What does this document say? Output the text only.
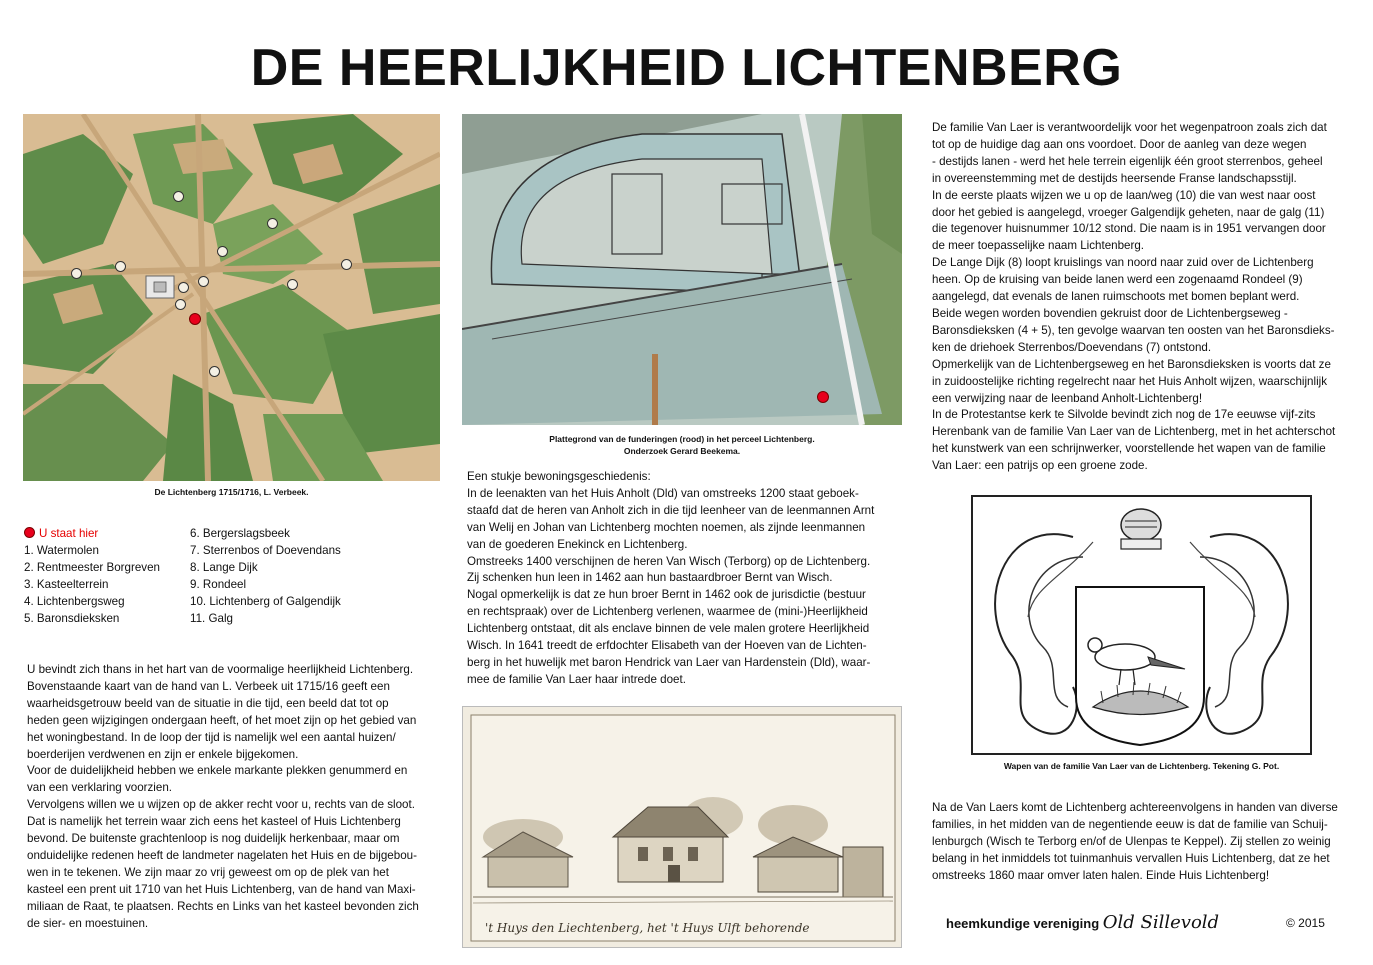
DE HEERLIJKHEID LICHTENBERG
De Lichtenberg 1715/1716, L. Verbeek.
Plattegrond van de funderingen (rood) in het perceel Lichtenberg.
Onderzoek Gerard Beekema.
U staat hier
1. Watermolen
2. Rentmeester Borgreven
3. Kasteelterrein
4. Lichtenbergsweg
5. Baronsdieksken
6. Bergerslagsbeek
7. Sterrenbos of Doevendans
8. Lange Dijk
9. Rondeel
10. Lichtenberg of Galgendijk
11. Galg

U bevindt zich thans in het hart van de voormalige heerlijkheid Lichtenberg.

Bovenstaande kaart van de hand van L. Verbeek uit 1715/16 geeft een

waarheidsgetrouw beeld van de situatie in die tijd, een beeld dat tot op

heden geen wijzigingen ondergaan heeft, of het moet zijn op het gebied van

het woningbestand. In de loop der tijd is namelijk wel een aantal huizen/

boerderijen verdwenen en zijn er enkele bijgekomen.

Voor de duidelijkheid hebben we enkele markante plekken genummerd en

van een verklaring voorzien.

Vervolgens willen we u wijzen op de akker recht voor u, rechts van de sloot.

Dat is namelijk het terrein waar zich eens het kasteel of Huis Lichtenberg

bevond. De buitenste grachtenloop is nog duidelijk herkenbaar, maar om

onduidelijke redenen heeft de landmeter nagelaten het Huis en de bijgebou-

wen in te tekenen. We zijn maar zo vrij geweest om op de plek van het

kasteel een prent uit 1710 van het Huis Lichtenberg, van de hand van Maxi-

miliaan de Raat, te plaatsen. Rechts en Links van het kasteel bevonden zich

de sier- en moestuinen.

Een stukje bewoningsgeschiedenis:

In de leenakten van het Huis Anholt (Dld) van omstreeks 1200 staat geboek-

staafd dat de heren van Anholt zich in die tijd leenheer van de leenmannen Arnt

van Welij en Johan van Lichtenberg mochten noemen, als zijnde leenmannen

van de goederen Enekinck en Lichtenberg.

Omstreeks 1400 verschijnen de heren Van Wisch (Terborg) op de Lichtenberg.

Zij schenken hun leen in 1462 aan hun bastaardbroer Bernt van Wisch.

Nogal opmerkelijk is dat ze hun broer Bernt in 1462 ook de jurisdictie (bestuur

en rechtspraak) over de Lichtenberg verlenen, waarmee de (mini-)Heerlijkheid

Lichtenberg ontstaat, dit als enclave binnen de vele malen grotere Heerlijkheid

Wisch. In 1641 treedt de erfdochter Elisabeth van der Hoeven van de Lichten-

berg in het huwelijk met baron Hendrick van Laer van Hardenstein (Dld), waar-

mee de familie Van Laer haar intrede doet.

't Huys den Liechtenberg, het 't Huys Ulft behorende

De familie Van Laer is verantwoordelijk voor het wegenpatroon zoals zich dat

tot op de huidige dag aan ons voordoet. Door de aanleg van deze wegen

- destijds lanen - werd het hele terrein eigenlijk één groot sterrenbos, geheel

in overeenstemming met de destijds heersende Franse landschapsstijl.

In de eerste plaats wijzen we u op de laan/weg (10) die van west naar oost

door het gebied is aangelegd, vroeger Galgendijk geheten, naar de galg (11)

die tegenover huisnummer 10/12 stond. Die naam is in 1951 vervangen door

de meer toepasselijke naam Lichtenberg.

De Lange Dijk (8) loopt kruislings van noord naar zuid over de Lichtenberg

heen. Op de kruising van beide lanen werd een zogenaamd Rondeel (9)

aangelegd, dat evenals de lanen ruimschoots met bomen beplant werd.

Beide wegen worden bovendien gekruist door de Lichtenbergseweg -

Baronsdieksken (4 + 5), ten gevolge waarvan ten oosten van het Baronsdieks-

ken de driehoek Sterrenbos/Doevendans (7) ontstond.

Opmerkelijk van de Lichtenbergseweg en het Baronsdieksken is voorts dat ze

in zuidoostelijke richting regelrecht naar het Huis Anholt wijzen, waarschijnlijk

een verwijzing naar de leenband Anholt-Lichtenberg!

In de Protestantse kerk te Silvolde bevindt zich nog de 17e eeuwse vijf-zits

Herenbank van de familie Van Laer van de Lichtenberg, met in het achterschot

het kunstwerk van een schrijnwerker, voorstellende het wapen van de familie

Van Laer: een patrijs op een groene zode.

Wapen van de familie Van Laer van de Lichtenberg. Tekening G. Pot.

Na de Van Laers komt de Lichtenberg achtereenvolgens in handen van diverse

families, in het midden van de negentiende eeuw is dat de familie van Schuij-

lenburgch (Wisch te Terborg en/of de Ulenpas te Keppel). Zij stellen zo weinig

belang in het inmiddels tot tuinmanhuis vervallen Huis Lichtenberg, dat ze het

omstreeks 1860 maar omver laten halen. Einde Huis Lichtenberg!

heemkundige vereniging Old Sillevold	© 2015
